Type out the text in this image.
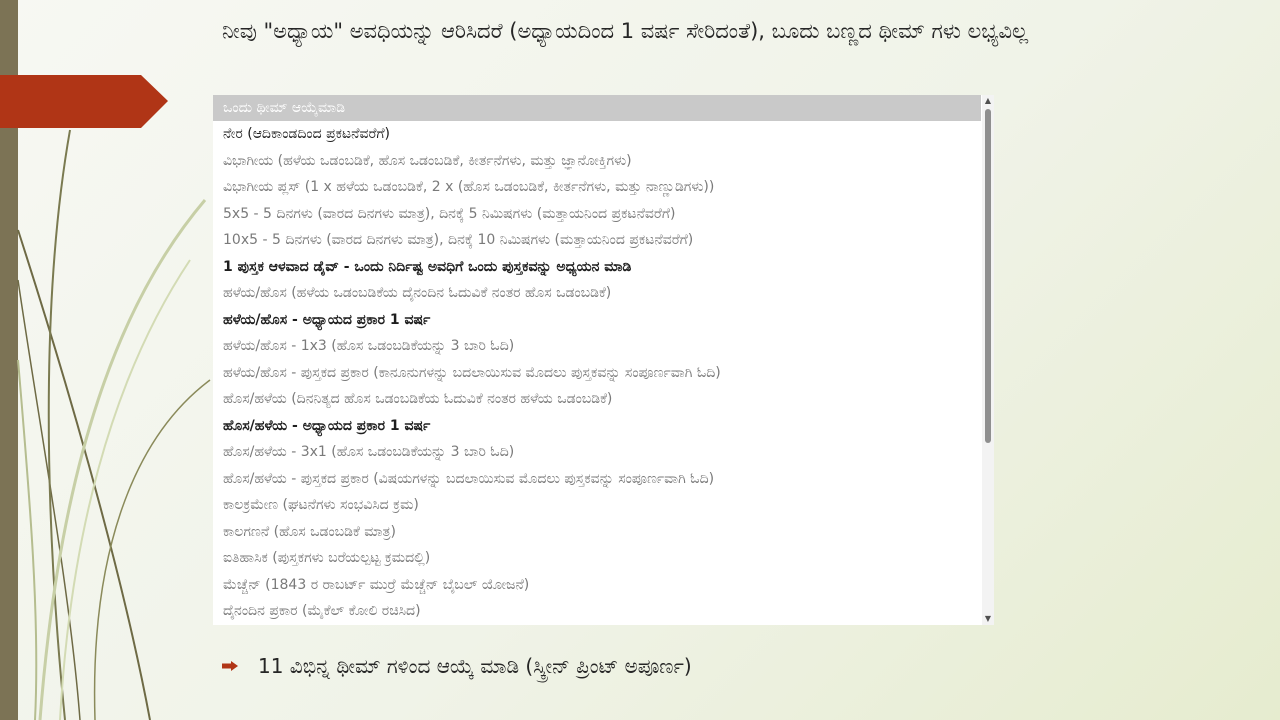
ನೀವು "ಅಧ್ಯಾಯ" ಅವಧಿಯನ್ನು ಆರಿಸಿದರೆ (ಅಧ್ಯಾಯದಿಂದ 1 ವರ್ಷ ಸೇರಿದಂತೆ), ಬೂದು ಬಣ್ಣದ ಥೀಮ್ ಗಳು ಲಭ್ಯವಿಲ್ಲ
ಒಂದು ಥೀಮ್ ಆಯ್ಕೆಮಾಡಿ
ನೇರ (ಆದಿಕಾಂಡದಿಂದ ಪ್ರಕಟನೆವರೆಗೆ)
ವಿಭಾಗೀಯ (ಹಳೆಯ ಒಡಂಬಡಿಕೆ, ಹೊಸ ಒಡಂಬಡಿಕೆ, ಕೀರ್ತನೆಗಳು, ಮತ್ತು ಜ್ಞಾನೋಕ್ತಿಗಳು)
ವಿಭಾಗೀಯ ಪ್ಲಸ್ (1 x ಹಳೆಯ ಒಡಂಬಡಿಕೆ, 2 x (ಹೊಸ ಒಡಂಬಡಿಕೆ, ಕೀರ್ತನೆಗಳು, ಮತ್ತು ನಾಣ್ಣುಡಿಗಳು))
5x5 - 5 ದಿನಗಳು (ವಾರದ ದಿನಗಳು ಮಾತ್ರ), ದಿನಕ್ಕೆ 5 ನಿಮಿಷಗಳು (ಮತ್ತಾಯನಿಂದ ಪ್ರಕಟನೆವರೆಗೆ)
10x5 - 5 ದಿನಗಳು (ವಾರದ ದಿನಗಳು ಮಾತ್ರ), ದಿನಕ್ಕೆ 10 ನಿಮಿಷಗಳು (ಮತ್ತಾಯನಿಂದ ಪ್ರಕಟನೆವರೆಗೆ)
1 ಪುಸ್ತಕ ಆಳವಾದ ಡೈವ್ - ಒಂದು ನಿರ್ದಿಷ್ಟ ಅವಧಿಗೆ ಒಂದು ಪುಸ್ತಕವನ್ನು ಅಧ್ಯಯನ ಮಾಡಿ
ಹಳೆಯ/ಹೊಸ (ಹಳೆಯ ಒಡಂಬಡಿಕೆಯ ದೈನಂದಿನ ಓದುವಿಕೆ ನಂತರ ಹೊಸ ಒಡಂಬಡಿಕೆ)
ಹಳೆಯ/ಹೊಸ - ಅಧ್ಯಾಯದ ಪ್ರಕಾರ 1 ವರ್ಷ
ಹಳೆಯ/ಹೊಸ - 1x3 (ಹೊಸ ಒಡಂಬಡಿಕೆಯನ್ನು 3 ಬಾರಿ ಓದಿ)
ಹಳೆಯ/ಹೊಸ - ಪುಸ್ತಕದ ಪ್ರಕಾರ (ಕಾನೂನುಗಳನ್ನು ಬದಲಾಯಿಸುವ ಮೊದಲು ಪುಸ್ತಕವನ್ನು ಸಂಪೂರ್ಣವಾಗಿ ಓದಿ)
ಹೊಸ/ಹಳೆಯ (ದಿನನಿತ್ಯದ ಹೊಸ ಒಡಂಬಡಿಕೆಯ ಓದುವಿಕೆ ನಂತರ ಹಳೆಯ ಒಡಂಬಡಿಕೆ)
ಹೊಸ/ಹಳೆಯ - ಅಧ್ಯಾಯದ ಪ್ರಕಾರ 1 ವರ್ಷ
ಹೊಸ/ಹಳೆಯ - 3x1 (ಹೊಸ ಒಡಂಬಡಿಕೆಯನ್ನು 3 ಬಾರಿ ಓದಿ)
ಹೊಸ/ಹಳೆಯ - ಪುಸ್ತಕದ ಪ್ರಕಾರ (ವಿಷಯಗಳನ್ನು ಬದಲಾಯಿಸುವ ಮೊದಲು ಪುಸ್ತಕವನ್ನು ಸಂಪೂರ್ಣವಾಗಿ ಓದಿ)
ಕಾಲಕ್ರಮೇಣ (ಘಟನೆಗಳು ಸಂಭವಿಸಿದ ಕ್ರಮ)
ಕಾಲಗಣನೆ (ಹೊಸ ಒಡಂಬಡಿಕೆ ಮಾತ್ರ)
ಐತಿಹಾಸಿಕ (ಪುಸ್ತಕಗಳು ಬರೆಯಲ್ಪಟ್ಟ ಕ್ರಮದಲ್ಲಿ)
ಮೆಚ್ಚೆನ್ (1843 ರ ರಾಬರ್ಟ್ ಮುರ್ರೆ ಮೆಚ್ಚೆನ್ ಬೈಬಲ್ ಯೋಜನೆ)
ದೈನಂದಿನ ಪ್ರಕಾರ (ಮೈಕೆಲ್ ಕೋಲಿ ರಚಿಸಿದ)
▲
▼
11 ವಿಭಿನ್ನ ಥೀಮ್ ಗಳಿಂದ ಆಯ್ಕೆ ಮಾಡಿ (ಸ್ಕ್ರೀನ್ ಪ್ರಿಂಟ್ ಅಪೂರ್ಣ)
